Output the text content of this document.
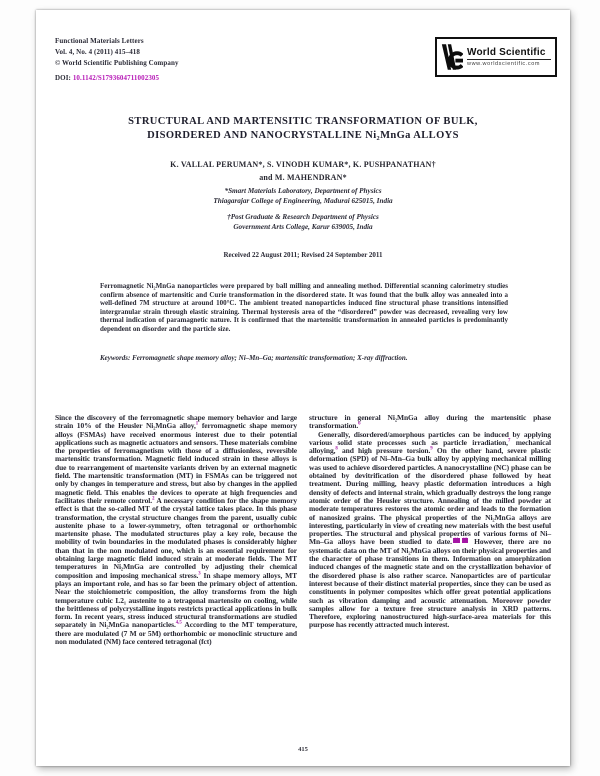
Functional Materials Letters
Vol. 4, No. 4 (2011) 415–418
© World Scientific Publishing Company
DOI: 10.1142/S1793604711002305
World Scientific
www.worldscientific.com
STRUCTURAL AND MARTENSITIC TRANSFORMATION OF BULK,
DISORDERED AND NANOCRYSTALLINE Ni₂MnGa ALLOYS
K. VALLAL PERUMAN*, S. VINODH KUMAR*, K. PUSHPANATHAN†
and M. MAHENDRAN*
*Smart Materials Laboratory, Department of Physics
Thiagarajar College of Engineering, Madurai 625015, India
†Post Graduate & Research Department of Physics
Government Arts College, Karur 639005, India
Received 22 August 2011; Revised 24 September 2011
Ferromagnetic Ni₂MnGa nanoparticles were prepared by ball milling and annealing method. Differential scanning calorimetry studies confirm absence of martensitic and Curie transformation in the disordered state. It was found that the bulk alloy was annealed into a well-defined 7M structure at around 100°C. The ambient treated nanoparticles induced fine structural phase transitions intensified intergranular strain through elastic straining. Thermal hysteresis area of the “disordered” powder was decreased, revealing very low thermal indication of paramagnetic nature. It is confirmed that the martensitic transformation in annealed particles is predominantly dependent on disorder and the particle size.
Keywords: Ferromagnetic shape memory alloy; Ni–Mn–Ga; martensitic transformation; X-ray diffraction.
Since the discovery of the ferromagnetic shape memory behavior and large strain 10% of the Heusler Ni₂MnGa alloy,$^1$ ferromagnetic shape memory alloys (FSMAs) have received enormous interest due to their potential applications such as magnetic actuators and sensors. These materials combine the properties of ferromagnetism with those of a diffusionless, reversible martensitic transformation. Magnetic field induced strain in these alloys is due to rearrangement of martensite variants driven by an external magnetic field. The martensitic transformation (MT) in FSMAs can be triggered not only by changes in temperature and stress, but also by changes in the applied magnetic field. This enables the devices to operate at high frequencies and facilitates their remote control.$^2$ A necessary condition for the shape memory effect is that the so-called MT of the crystal lattice takes place. In this phase transformation, the crystal structure changes from the parent, usually cubic austenite phase to a lower-symmetry, often tetragonal or orthorhombic martensite phase. The modulated structures play a key role, because the mobility of twin boundaries in the modulated phases is considerably higher than that in the non modulated one, which is an essential requirement for obtaining large magnetic field induced strain at moderate fields. The MT temperatures in Ni₂MnGa are controlled by adjusting their chemical composition and imposing mechanical stress.$^3$ In shape memory alloys, MT plays an important role, and has so far been the primary object of attention. Near the stoichiometric composition, the alloy transforms from the high temperature cubic L2₁ austenite to a tetragonal martensite on cooling, while the brittleness of polycrystalline ingots restricts practical applications in bulk form. In recent years, stress induced structural transformations are studied separately in Ni₂MnGa nanoparticles.$^{4,5}$ According to the MT temperature, there are modulated (7 M or 5M) orthorhombic or monoclinic structure and non modulated (NM) face centered tetragonal (fct)
structure in general Ni₂MnGa alloy during the martensitic phase transformation.$^6$
Generally, disordered/amorphous particles can be induced by applying various solid state processes such as particle irradiation,$^7$ mechanical alloying,$^8$ and high pressure torsion.$^9$ On the other hand, severe plastic deformation (SPD) of Ni–Mn–Ga bulk alloy by applying mechanical milling was used to achieve disordered particles. A nanocrystalline (NC) phase can be obtained by devitrification of the disordered phase followed by heat treatment. During milling, heavy plastic deformation introduces a high density of defects and internal strain, which gradually destroys the long range atomic order of the Heusler structure. Annealing of the milled powder at moderate temperatures restores the atomic order and leads to the formation of nanosized grains. The physical properties of the Ni₂MnGa alloys are interesting, particularly in view of creating new materials with the best useful properties. The structural and physical properties of various forms of Ni–Mn–Ga alloys have been studied to date. $^{10}$ $^{12}$ However, there are no systematic data on the MT of Ni₂MnGa alloys on their physical properties and the character of phase transitions in them. Information on amorphization induced changes of the magnetic state and on the crystallization behavior of the disordered phase is also rather scarce. Nanoparticles are of particular interest because of their distinct material properties, since they can be used as constituents in polymer composites which offer great potential applications such as vibration damping and acoustic attenuation. Moreover powder samples allow for a texture free structure analysis in XRD patterns. Therefore, exploring nanostructured high-surface-area materials for this purpose has recently attracted much interest.
415
